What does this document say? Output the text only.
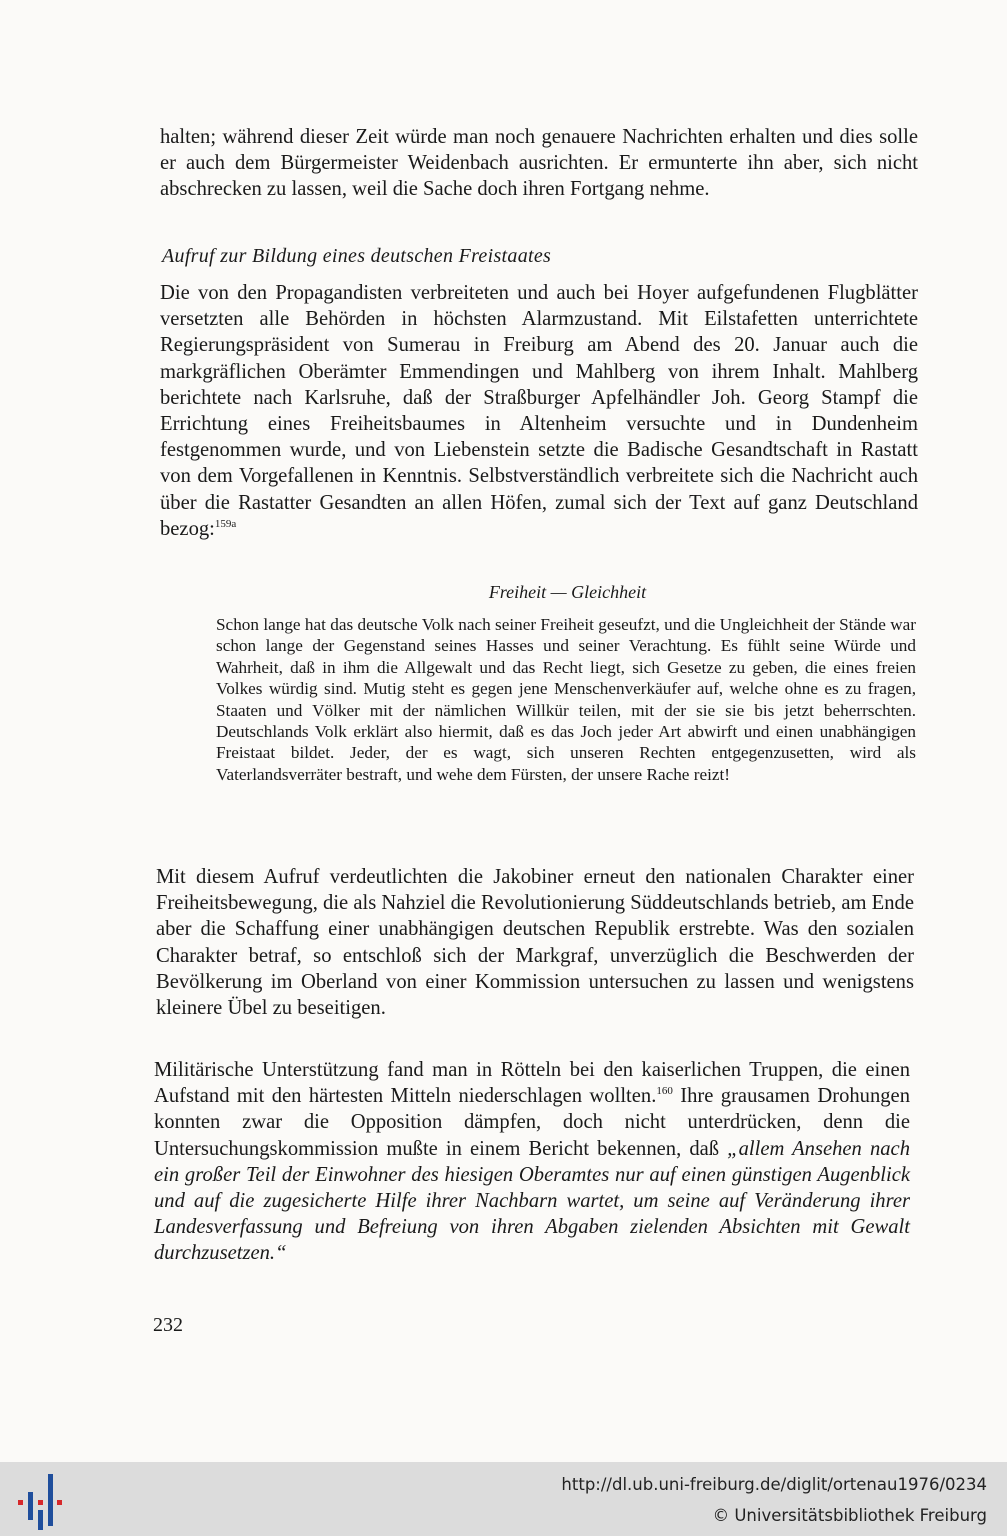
halten; während dieser Zeit würde man noch genauere Nachrichten erhalten und dies solle er auch dem Bürgermeister Weidenbach ausrichten. Er ermunterte ihn aber, sich nicht abschrecken zu lassen, weil die Sache doch ihren Fortgang nehme.

Aufruf zur Bildung eines deutschen Freistaates

Die von den Propagandisten verbreiteten und auch bei Hoyer aufgefundenen Flugblätter versetzten alle Behörden in höchsten Alarmzustand. Mit Eilstafetten unterrichtete Regierungspräsident von Sumerau in Freiburg am Abend des 20. Januar auch die markgräflichen Oberämter Emmendingen und Mahlberg von ihrem Inhalt. Mahlberg berichtete nach Karlsruhe, daß der Straßburger Apfelhändler Joh. Georg Stampf die Errichtung eines Freiheitsbaumes in Altenheim versuchte und in Dundenheim festgenommen wurde, und von Liebenstein setzte die Badische Gesandtschaft in Rastatt von dem Vorgefallenen in Kenntnis. Selbstverständlich verbreitete sich die Nachricht auch über die Rastatter Gesandten an allen Höfen, zumal sich der Text auf ganz Deutschland bezog:$^{159a}$

Freiheit — Gleichheit

Schon lange hat das deutsche Volk nach seiner Freiheit geseufzt, und die Ungleichheit der Stände war schon lange der Gegenstand seines Hasses und seiner Verachtung. Es fühlt seine Würde und Wahrheit, daß in ihm die Allgewalt und das Recht liegt, sich Gesetze zu geben, die eines freien Volkes würdig sind. Mutig steht es gegen jene Menschenverkäufer auf, welche ohne es zu fragen, Staaten und Völker mit der nämlichen Willkür teilen, mit der sie sie bis jetzt beherrschten. Deutschlands Volk erklärt also hiermit, daß es das Joch jeder Art abwirft und einen unabhängigen Freistaat bildet. Jeder, der es wagt, sich unseren Rechten entgegenzusetten, wird als Vaterlandsverräter bestraft, und wehe dem Fürsten, der unsere Rache reizt!

Mit diesem Aufruf verdeutlichten die Jakobiner erneut den nationalen Charakter einer Freiheitsbewegung, die als Nahziel die Revolutionierung Süddeutschlands betrieb, am Ende aber die Schaffung einer unabhängigen deutschen Republik erstrebte. Was den sozialen Charakter betraf, so entschloß sich der Markgraf, unverzüglich die Beschwerden der Bevölkerung im Oberland von einer Kommission untersuchen zu lassen und wenigstens kleinere Übel zu beseitigen.

Militärische Unterstützung fand man in Rötteln bei den kaiserlichen Truppen, die einen Aufstand mit den härtesten Mitteln niederschlagen wollten.$^{160}$ Ihre grausamen Drohungen konnten zwar die Opposition dämpfen, doch nicht unterdrücken, denn die Untersuchungskommission mußte in einem Bericht bekennen, daß „allem Ansehen nach ein großer Teil der Einwohner des hiesigen Oberamtes nur auf einen günstigen Augenblick und auf die zugesicherte Hilfe ihrer Nachbarn wartet, um seine auf Veränderung ihrer Landesverfassung und Befreiung von ihren Abgaben zielenden Absichten mit Gewalt durchzusetzen.“

232
http://dl.ub.uni-freiburg.de/diglit/ortenau1976/0234
© Universitätsbibliothek Freiburg
